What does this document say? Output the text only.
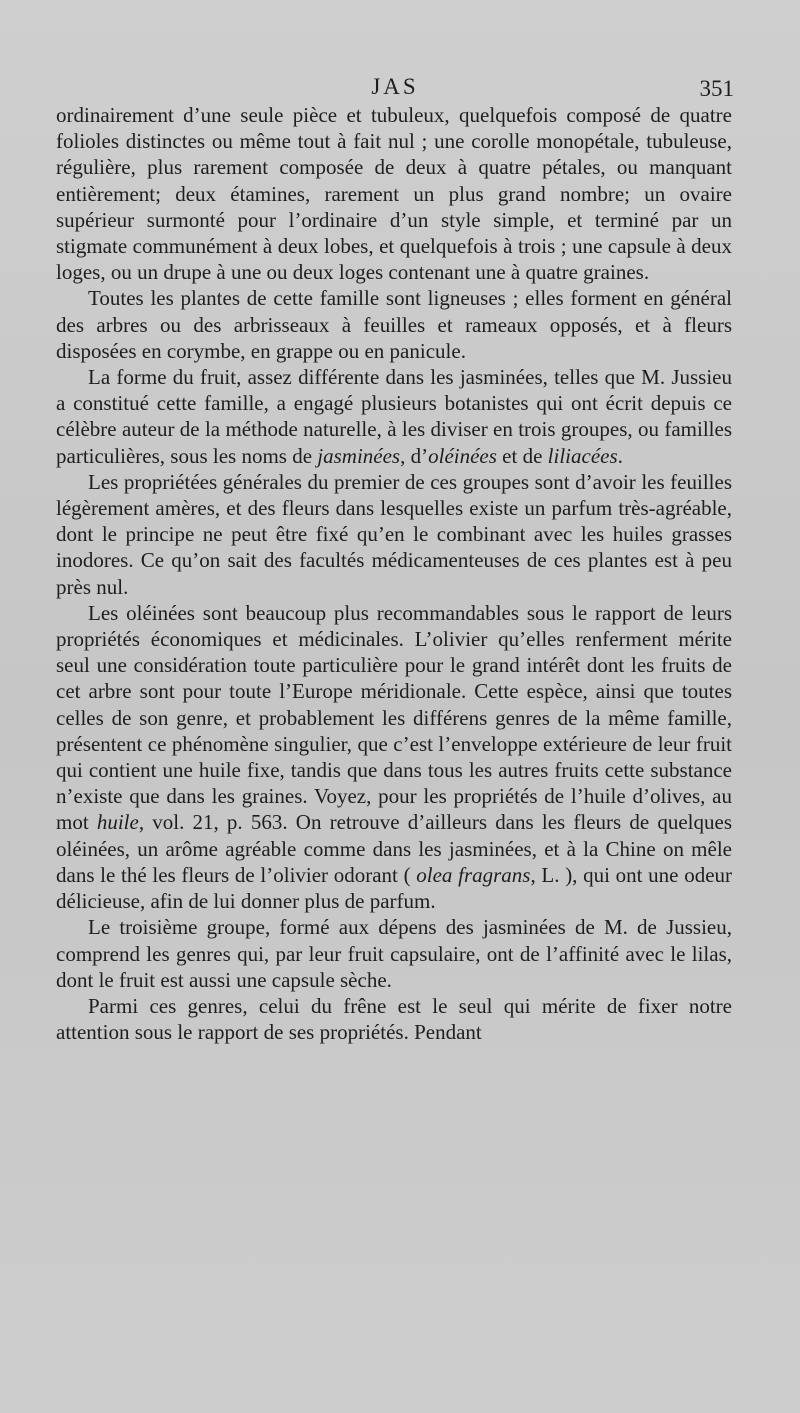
JAS	351

ordinairement d’une seule pièce et tubuleux, quelquefois composé de quatre folioles distinctes ou même tout à fait nul ; une corolle monopétale, tubuleuse, régulière, plus rarement composée de deux à quatre pétales, ou manquant entièrement; deux étamines, rarement un plus grand nombre; un ovaire supérieur surmonté pour l’ordinaire d’un style simple, et terminé par un stigmate communément à deux lobes, et quelquefois à trois ; une capsule à deux loges, ou un drupe à une ou deux loges contenant une à quatre graines.

Toutes les plantes de cette famille sont ligneuses ; elles forment en général des arbres ou des arbrisseaux à feuilles et rameaux opposés, et à fleurs disposées en corymbe, en grappe ou en panicule.

La forme du fruit, assez différente dans les jasminées, telles que M. Jussieu a constitué cette famille, a engagé plusieurs botanistes qui ont écrit depuis ce célèbre auteur de la méthode naturelle, à les diviser en trois groupes, ou familles particulières, sous les noms de jasminées, d’oléinées et de liliacées.

Les propriétées générales du premier de ces groupes sont d’avoir les feuilles légèrement amères, et des fleurs dans lesquelles existe un parfum très-agréable, dont le principe ne peut être fixé qu’en le combinant avec les huiles grasses inodores. Ce qu’on sait des facultés médicamenteuses de ces plantes est à peu près nul.

Les oléinées sont beaucoup plus recommandables sous le rapport de leurs propriétés économiques et médicinales. L’olivier qu’elles renferment mérite seul une considération toute particulière pour le grand intérêt dont les fruits de cet arbre sont pour toute l’Europe méridionale. Cette espèce, ainsi que toutes celles de son genre, et probablement les différens genres de la même famille, présentent ce phénomène singulier, que c’est l’enveloppe extérieure de leur fruit qui contient une huile fixe, tandis que dans tous les autres fruits cette substance n’existe que dans les graines. Voyez, pour les propriétés de l’huile d’olives, au mot huile, vol. 21, p. 563. On retrouve d’ailleurs dans les fleurs de quelques oléinées, un arôme agréable comme dans les jasminées, et à la Chine on mêle dans le thé les fleurs de l’olivier odorant ( olea fragrans, L. ), qui ont une odeur délicieuse, afin de lui donner plus de parfum.

Le troisième groupe, formé aux dépens des jasminées de M. de Jussieu, comprend les genres qui, par leur fruit capsulaire, ont de l’affinité avec le lilas, dont le fruit est aussi une capsule sèche.

Parmi ces genres, celui du frêne est le seul qui mérite de fixer notre attention sous le rapport de ses propriétés. Pendant
